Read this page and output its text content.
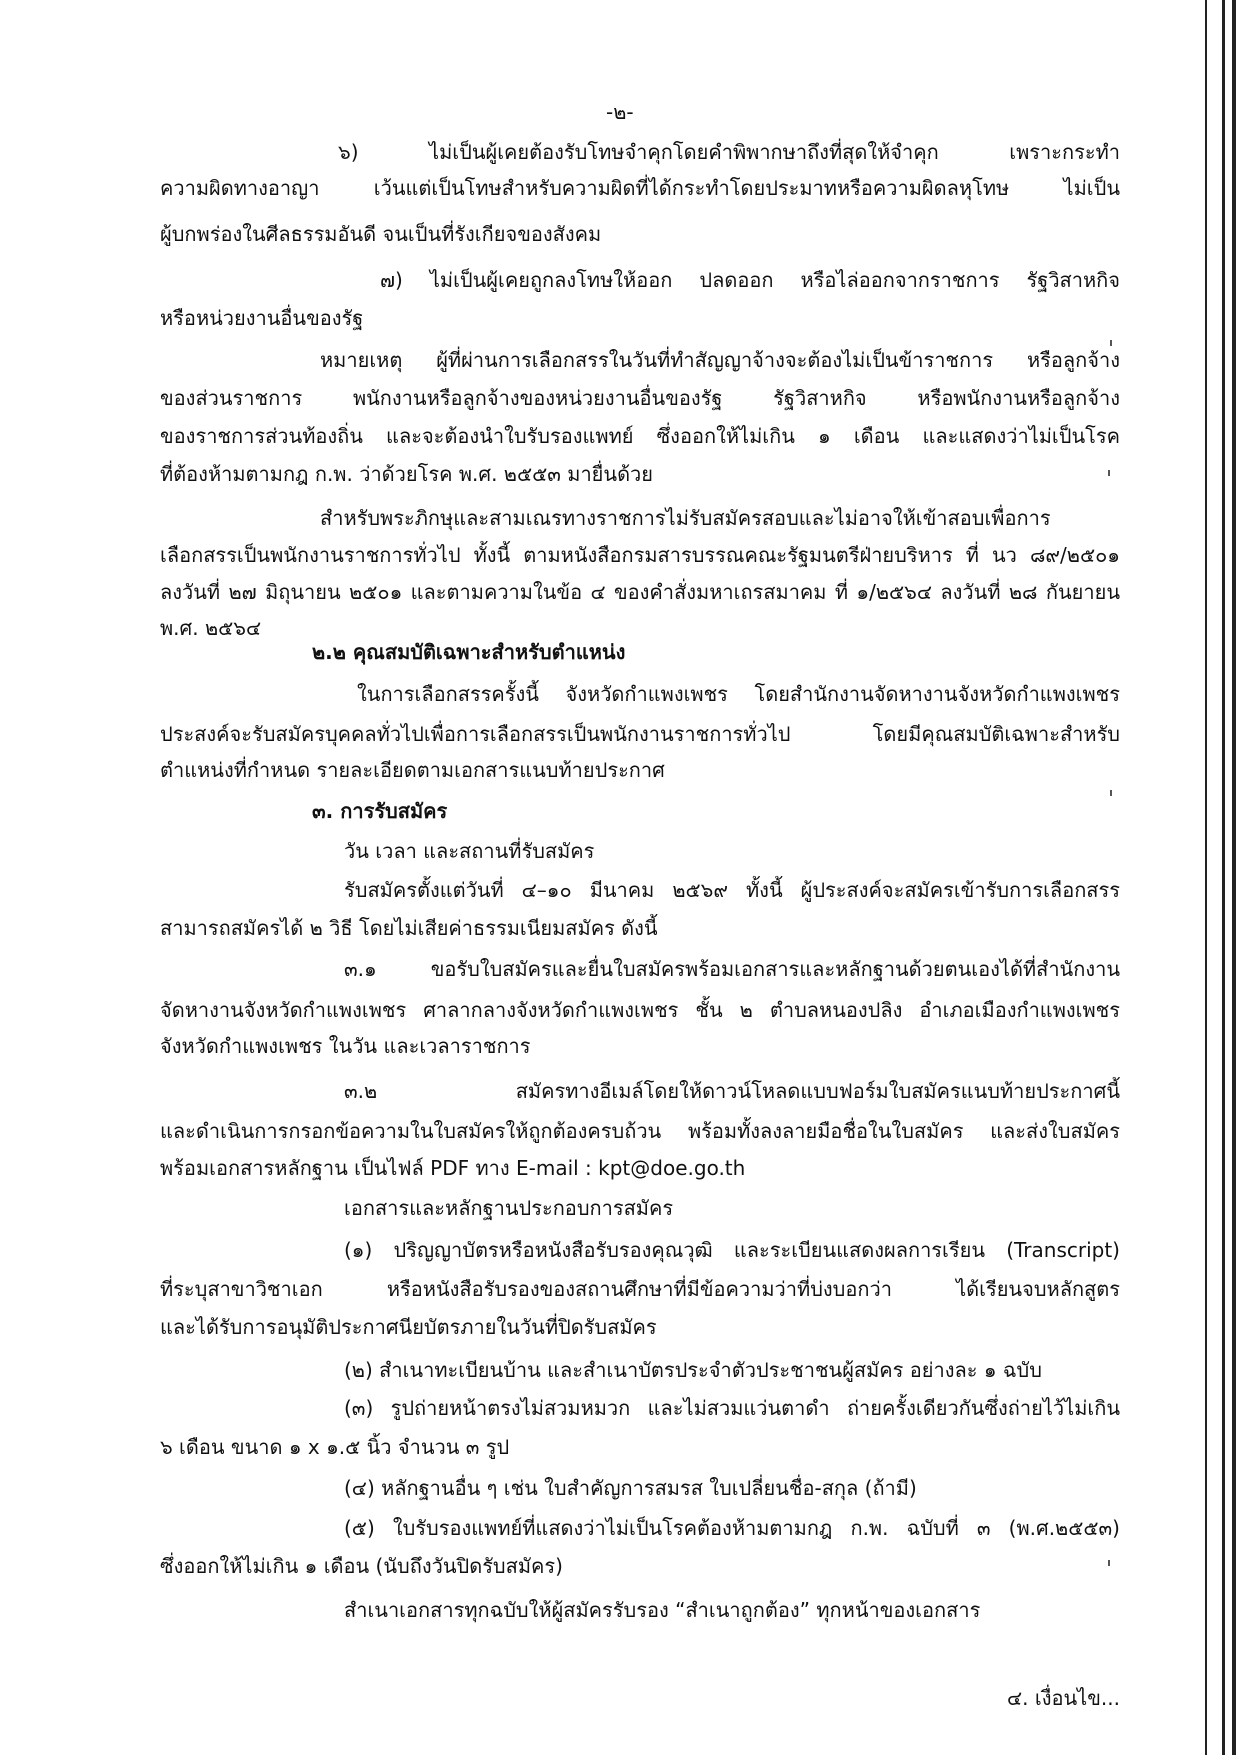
-๒-
๖) ไม่เป็นผู้เคยต้องรับโทษจำคุกโดยคำพิพากษาถึงที่สุดให้จำคุก เพราะกระทำ
ความผิดทางอาญา เว้นแต่เป็นโทษสำหรับความผิดที่ได้กระทำโดยประมาทหรือความผิดลหุโทษ ไม่เป็น
ผู้บกพร่องในศีลธรรมอันดี จนเป็นที่รังเกียจของสังคม
๗) ไม่เป็นผู้เคยถูกลงโทษให้ออก ปลดออก หรือไล่ออกจากราชการ รัฐวิสาหกิจ
หรือหน่วยงานอื่นของรัฐ
หมายเหตุ ผู้ที่ผ่านการเลือกสรรในวันที่ทำสัญญาจ้างจะต้องไม่เป็นข้าราชการ หรือลูกจ้าง
ของส่วนราชการ พนักงานหรือลูกจ้างของหน่วยงานอื่นของรัฐ รัฐวิสาหกิจ หรือพนักงานหรือลูกจ้าง
ของราชการส่วนท้องถิ่น และจะต้องนำใบรับรองแพทย์ ซึ่งออกให้ไม่เกิน ๑ เดือน และแสดงว่าไม่เป็นโรค
ที่ต้องห้ามตามกฎ ก.พ. ว่าด้วยโรค พ.ศ. ๒๕๕๓ มายื่นด้วย
สำหรับพระภิกษุและสามเณรทางราชการไม่รับสมัครสอบและไม่อาจให้เข้าสอบเพื่อการ
เลือกสรรเป็นพนักงานราชการทั่วไป ทั้งนี้ ตามหนังสือกรมสารบรรณคณะรัฐมนตรีฝ่ายบริหาร ที่ นว ๘๙/๒๕๐๑
ลงวันที่ ๒๗ มิถุนายน ๒๕๐๑ และตามความในข้อ ๔ ของคำสั่งมหาเถรสมาคม ที่ ๑/๒๕๖๔ ลงวันที่ ๒๘ กันยายน
พ.ศ. ๒๕๖๔
๒.๒ คุณสมบัติเฉพาะสำหรับตำแหน่ง
ในการเลือกสรรครั้งนี้ จังหวัดกำแพงเพชร โดยสำนักงานจัดหางานจังหวัดกำแพงเพชร
ประสงค์จะรับสมัครบุคคลทั่วไปเพื่อการเลือกสรรเป็นพนักงานราชการทั่วไป โดยมีคุณสมบัติเฉพาะสำหรับ
ตำแหน่งที่กำหนด รายละเอียดตามเอกสารแนบท้ายประกาศ
๓. การรับสมัคร
วัน เวลา และสถานที่รับสมัคร
รับสมัครตั้งแต่วันที่ ๔–๑๐ มีนาคม ๒๕๖๙ ทั้งนี้ ผู้ประสงค์จะสมัครเข้ารับการเลือกสรร
สามารถสมัครได้ ๒ วิธี โดยไม่เสียค่าธรรมเนียมสมัคร ดังนี้
๓.๑ ขอรับใบสมัครและยื่นใบสมัครพร้อมเอกสารและหลักฐานด้วยตนเองได้ที่สำนักงาน
จัดหางานจังหวัดกำแพงเพชร ศาลากลางจังหวัดกำแพงเพชร ชั้น ๒ ตำบลหนองปลิง อำเภอเมืองกำแพงเพชร
จังหวัดกำแพงเพชร ในวัน และเวลาราชการ
๓.๒ สมัครทางอีเมล์โดยให้ดาวน์โหลดแบบฟอร์มใบสมัครแนบท้ายประกาศนี้
และดำเนินการกรอกข้อความในใบสมัครให้ถูกต้องครบถ้วน พร้อมทั้งลงลายมือชื่อในใบสมัคร และส่งใบสมัคร
พร้อมเอกสารหลักฐาน เป็นไฟล์ PDF ทาง E-mail : kpt@doe.go.th
เอกสารและหลักฐานประกอบการสมัคร
(๑) ปริญญาบัตรหรือหนังสือรับรองคุณวุฒิ และระเบียนแสดงผลการเรียน (Transcript)
ที่ระบุสาขาวิชาเอก หรือหนังสือรับรองของสถานศึกษาที่มีข้อความว่าที่บ่งบอกว่า ได้เรียนจบหลักสูตร
และได้รับการอนุมัติประกาศนียบัตรภายในวันที่ปิดรับสมัคร
(๒) สำเนาทะเบียนบ้าน และสำเนาบัตรประจำตัวประชาชนผู้สมัคร อย่างละ ๑ ฉบับ
(๓) รูปถ่ายหน้าตรงไม่สวมหมวก และไม่สวมแว่นตาดำ ถ่ายครั้งเดียวกันซึ่งถ่ายไว้ไม่เกิน
๖ เดือน ขนาด ๑ x ๑.๕ นิ้ว จำนวน ๓ รูป
(๔) หลักฐานอื่น ๆ เช่น ใบสำคัญการสมรส ใบเปลี่ยนชื่อ-สกุล (ถ้ามี)
(๕) ใบรับรองแพทย์ที่แสดงว่าไม่เป็นโรคต้องห้ามตามกฎ ก.พ. ฉบับที่ ๓ (พ.ศ.๒๕๕๓)
ซึ่งออกให้ไม่เกิน ๑ เดือน (นับถึงวันปิดรับสมัคร)
สำเนาเอกสารทุกฉบับให้ผู้สมัครรับรอง “สำเนาถูกต้อง” ทุกหน้าของเอกสาร
๔. เงื่อนไข...
